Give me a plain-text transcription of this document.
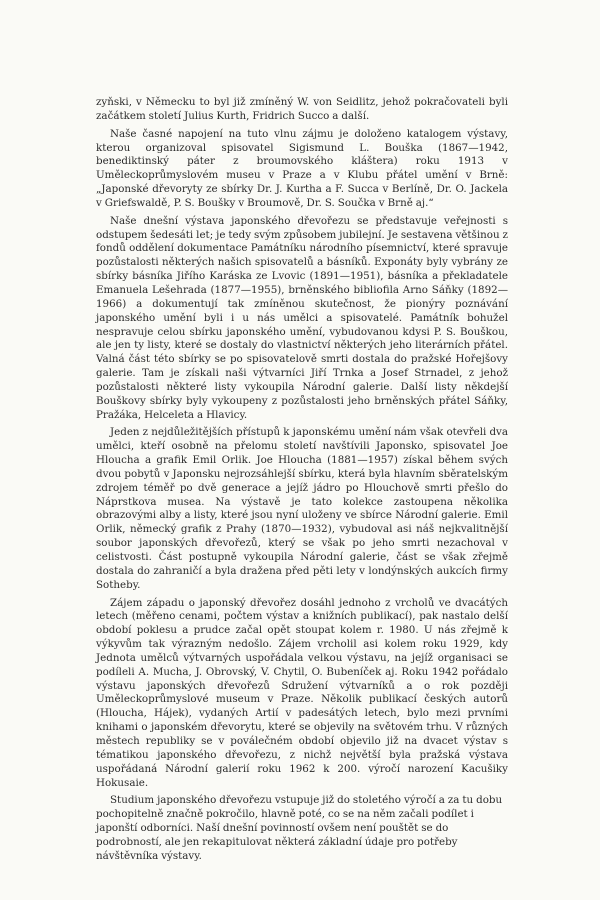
zyňski, v Německu to byl již zmíněný W. von Seidlitz, jehož pokračovateli byli začátkem století Julius Kurth, Fridrich Succo a další.

Naše časné napojení na tuto vlnu zájmu je doloženo katalogem výstavy, kterou organizoval spisovatel Sigismund L. Bouška (1867—1942, benediktinský páter z broumovského kláštera) roku 1913 v Uměleckoprůmyslovém museu v Praze a v Klubu přátel umění v Brně: „Japonské dřevoryty ze sbírky Dr. J. Kurtha a F. Succa v Berlíně, Dr. O. Jackela v Griefswaldě, P. S. Boušky v Broumově, Dr. S. Součka v Brně aj.“

Naše dnešní výstava japonského dřevořezu se představuje veřejnosti s odstupem šedesáti let; je tedy svým způsobem jubilejní. Je sestavena většinou z fondů oddělení dokumentace Památníku národního písemnictví, které spravuje pozůstalosti některých našich spisovatelů a básníků. Exponáty byly vybrány ze sbírky básníka Jiřího Karáska ze Lvovic (1891—1951), básníka a překladatele Emanuela Lešehrada (1877—1955), brněnského bibliofila Arno Sáňky (1892—1966) a dokumentují tak zmíněnou skutečnost, že pionýry poznávání japonského umění byli i u nás umělci a spisovatelé. Památník bohužel nespravuje celou sbírku japonského umění, vybudovanou kdysi P. S. Bouškou, ale jen ty listy, které se dostaly do vlastnictví některých jeho literárních přátel. Valná část této sbírky se po spisovatelově smrti dostala do pražské Hořejšovy galerie. Tam je získali naši výtvarníci Jiří Trnka a Josef Strnadel, z jehož pozůstalosti některé listy vykoupila Národní galerie. Další listy někdejší Bouškovy sbírky byly vykoupeny z pozůstalosti jeho brněnských přátel Sáňky, Pražáka, Helceleta a Hlavicy.

Jeden z nejdůležitějších přístupů k japonskému umění nám však otevřeli dva umělci, kteří osobně na přelomu století navštívili Japonsko, spisovatel Joe Hloucha a grafik Emil Orlik. Joe Hloucha (1881—1957) získal během svých dvou pobytů v Japonsku nejrozsáhlejší sbírku, která byla hlavním sběratelským zdrojem téměř po dvě generace a jejíž jádro po Hlouchově smrti přešlo do Náprstkova musea. Na výstavě je tato kolekce zastoupena několika obrazovými alby a listy, které jsou nyní uloženy ve sbírce Národní galerie. Emil Orlik, německý grafik z Prahy (1870—1932), vybudoval asi náš nejkvalitnější soubor japonských dřevořezů, který se však po jeho smrti nezachoval v celistvosti. Část postupně vykoupila Národní galerie, část se však zřejmě dostala do zahraničí a byla dražena před pěti lety v londýnských aukcích firmy Sotheby.

Zájem západu o japonský dřevořez dosáhl jednoho z vrcholů ve dvacátých letech (měřeno cenami, počtem výstav a knižních publikací), pak nastalo delší období poklesu a prudce začal opět stoupat kolem r. 1980. U nás zřejmě k výkyvům tak výrazným nedošlo. Zájem vrcholil asi kolem roku 1929, kdy Jednota umělců výtvarných uspořádala velkou výstavu, na jejíž organisaci se podíleli A. Mucha, J. Obrovský, V. Chytil, O. Bubeníček aj. Roku 1942 pořádalo výstavu japonských dřevořezů Sdružení výtvarníků a o rok později Uměleckoprůmyslové museum v Praze. Několik publikací českých autorů (Hloucha, Hájek), vydaných Artií v padesátých letech, bylo mezi prvními knihami o japonském dřevorytu, které se objevily na světovém trhu. V různých městech republiky se v poválečném období objevilo již na dvacet výstav s tématikou japonského dřevořezu, z nichž největší byla pražská výstava uspořádaná Národní galerií roku 1962 k 200. výročí narození Kacušiky Hokusaie.

Studium japonského dřevořezu vstupuje již do stoletého výročí a za tu dobu pochopitelně značně pokročilo, hlavně poté, co se na něm začali podílet i japonští odborníci. Naší dnešní povinností ovšem není pouštět se do podrobností, ale jen rekapitulovat některá základní údaje pro potřeby návštěvníka výstavy.
